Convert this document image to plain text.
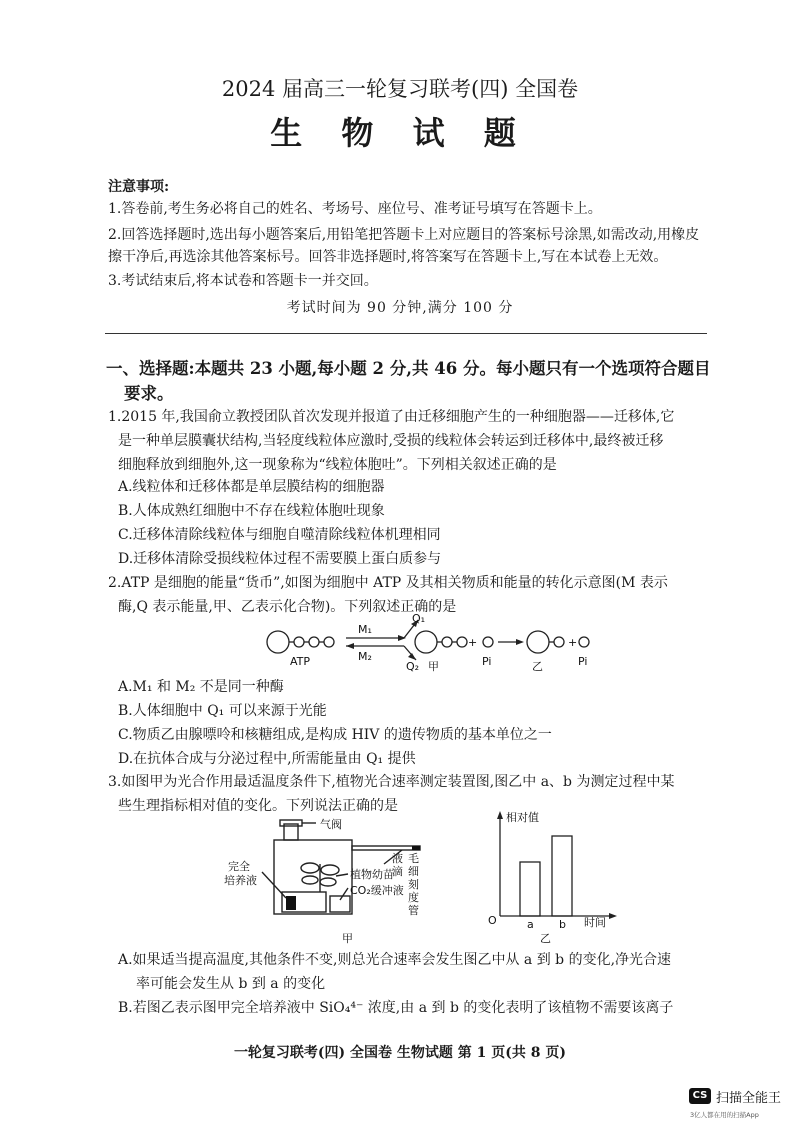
2024 届高三一轮复习联考(四) 全国卷
生 物 试 题
注意事项:
1.答卷前,考生务必将自己的姓名、考场号、座位号、准考证号填写在答题卡上。
2.回答选择题时,选出每小题答案后,用铅笔把答题卡上对应题目的答案标号涂黑,如需改动,用橡皮
擦干净后,再选涂其他答案标号。回答非选择题时,将答案写在答题卡上,写在本试卷上无效。
3.考试结束后,将本试卷和答题卡一并交回。
考试时间为 90 分钟,满分 100 分
一、选择题:本题共 23 小题,每小题 2 分,共 46 分。每小题只有一个选项符合题目
要求。
1.2015 年,我国俞立教授团队首次发现并报道了由迁移细胞产生的一种细胞器——迁移体,它
是一种单层膜囊状结构,当轻度线粒体应激时,受损的线粒体会转运到迁移体中,最终被迁移
细胞释放到细胞外,这一现象称为“线粒体胞吐”。下列相关叙述正确的是
A.线粒体和迁移体都是单层膜结构的细胞器
B.人体成熟红细胞中不存在线粒体胞吐现象
C.迁移体清除线粒体与细胞自噬清除线粒体机理相同
D.迁移体清除受损线粒体过程不需要膜上蛋白质参与
2.ATP 是细胞的能量“货币”,如图为细胞中 ATP 及其相关物质和能量的转化示意图(M 表示
酶,Q 表示能量,甲、乙表示化合物)。下列叙述正确的是
ATP
M₁
M₂
Q₁
Q₂ 甲
+
Pi	乙
+
Pi
A.M₁ 和 M₂ 不是同一种酶
B.人体细胞中 Q₁ 可以来源于光能
C.物质乙由腺嘌呤和核糖组成,是构成 HIV 的遗传物质的基本单位之一
D.在抗体合成与分泌过程中,所需能量由 Q₁ 提供
3.如图甲为光合作用最适温度条件下,植物光合速率测定装置图,图乙中 a、b 为测定过程中某
些生理指标相对值的变化。下列说法正确的是
气阀
完全
培养液	植物幼苗
CO₂缓冲液
甲
液
滴
毛
细
刻
度
管
a b
相对值
O	时间
乙
A.如果适当提高温度,其他条件不变,则总光合速率会发生图乙中从 a 到 b 的变化,净光合速
率可能会发生从 b 到 a 的变化
B.若图乙表示图甲完全培养液中 SiO₄⁴⁻ 浓度,由 a 到 b 的变化表明了该植物不需要该离子
一轮复习联考(四) 全国卷 生物试题 第 1 页(共 8 页)
CS 扫描全能王
3亿人都在用的扫描App
